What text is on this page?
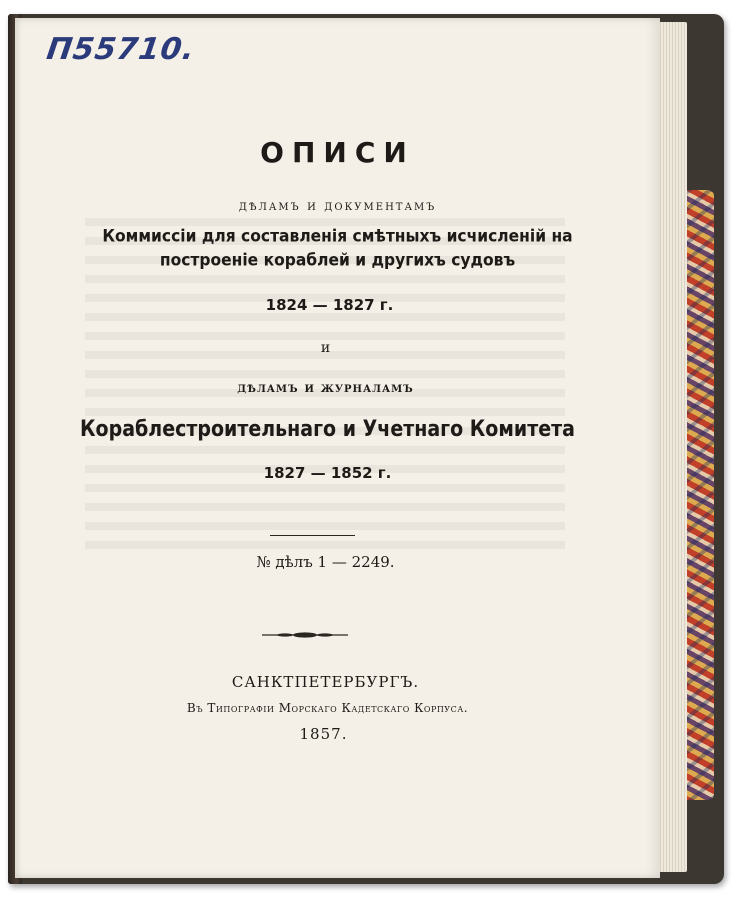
П55710.
ОПИСИ
дѣламъ и документамъ
Коммиссіи для составленія смѣтныхъ исчисленій на
построеніе кораблей и другихъ судовъ
1824 — 1827 г.
и
дѣламъ и журналамъ
Кораблестроительнаго и Учетнаго Комитета
1827 — 1852 г.
№ дѣлъ 1 — 2249.
САНКТПЕТЕРБУРГЪ.
Въ Типографіи Морскаго Кадетскаго Корпуса.
1857.
